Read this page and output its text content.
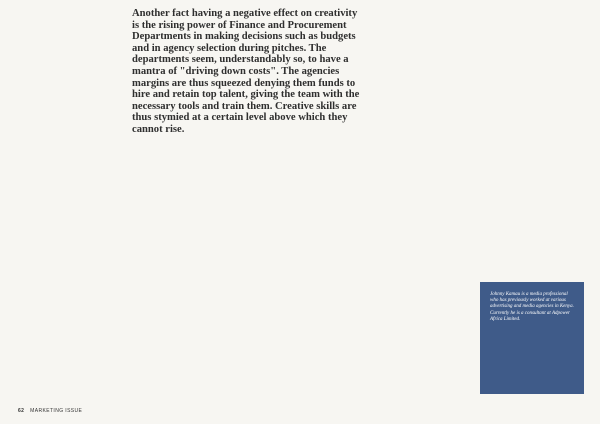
Another fact having a negative effect on creativity is the rising power of Finance and Procurement Departments in making decisions such as budgets and in agency selection during pitches. The departments seem, understandably so, to have a mantra of "driving down costs". The agencies margins are thus squeezed denying them funds to hire and retain top talent, giving the team with the necessary tools and train them. Creative skills are thus stymied at a certain level above which they cannot rise.
Johnny Kamau is a media professional who has previously worked at various advertising and media agencies in Kenya. Currently he is a consultant at Adpower Africa Limited.
62 MARKETING ISSUE
